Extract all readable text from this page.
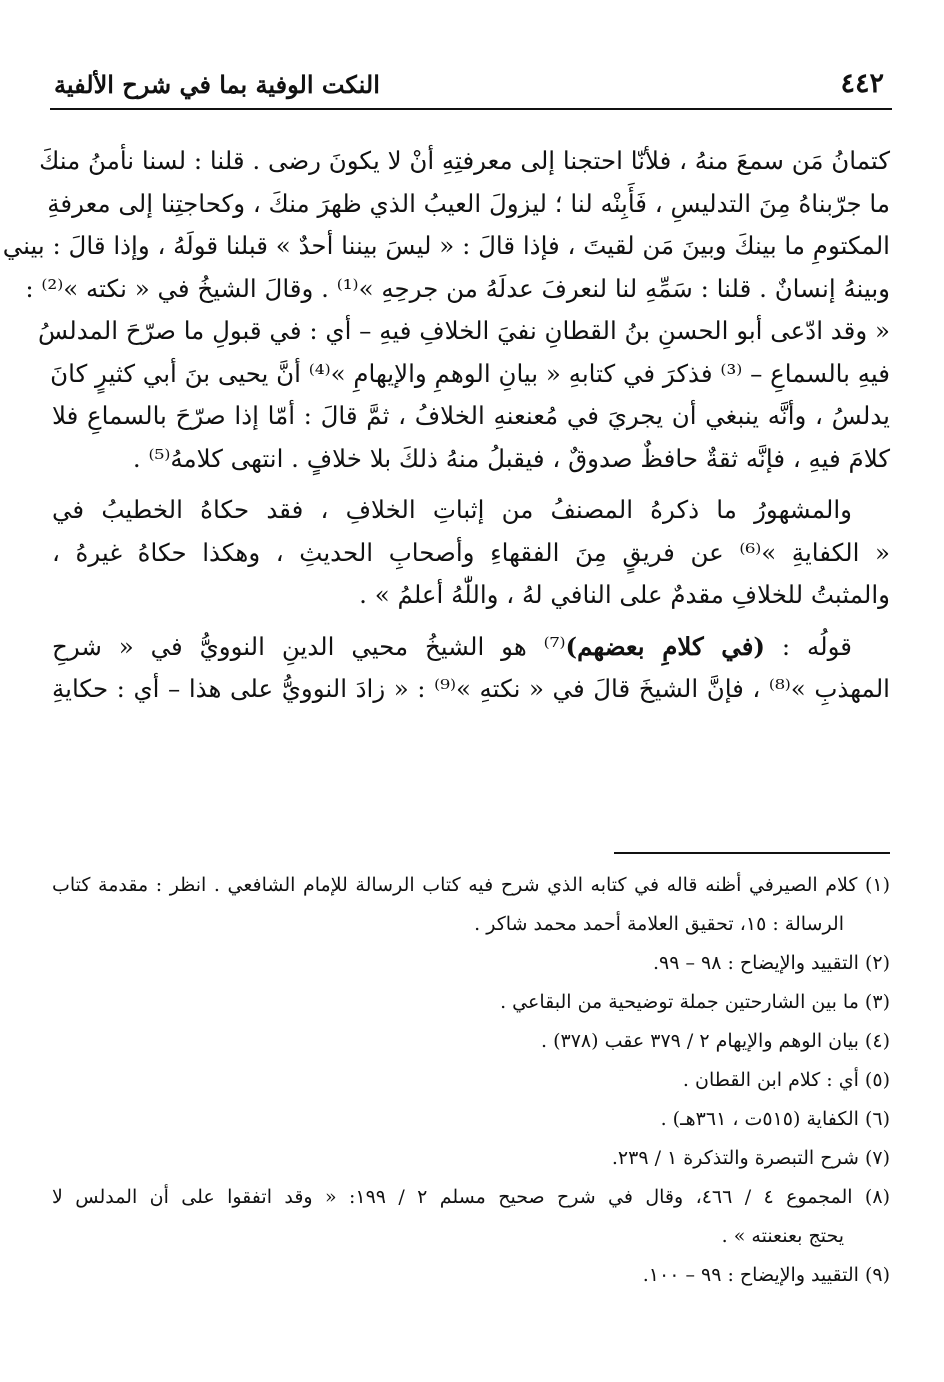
٤٤٢
النكت الوفية بما في شرح الألفية

كتمانُ مَن سمعَ منهُ ، فلأنّا احتجنا إلى معرفتِهِ أنْ لا يكونَ رضى . قلنا : لسنا نأمنُ منكَ
ما جرّبناهُ مِنَ التدليسِ ، فَأَبِنْه لنا ؛ ليزولَ العيبُ الذي ظهرَ منكَ ، وكحاجتِنا إلى معرفةِ
المكتومِ ما بينكَ وبينَ مَن لقيتَ ، فإذا قالَ : « ليسَ بيننا أحدٌ » قبلنا قولَهُ ، وإذا قالَ : بيني
وبينهُ إنسانٌ . قلنا : سَمِّهِ لنا لنعرفَ عدلَهُ من جرحِهِ »⁽¹⁾ . وقالَ الشيخُ في « نكته »⁽²⁾ :
« وقد ادّعى أبو الحسنِ بنُ القطانِ نفيَ الخلافِ فيهِ – أي : في قبولِ ما صرّحَ المدلسُ
فيهِ بالسماعِ – ⁽³⁾ فذكرَ في كتابهِ « بيانِ الوهمِ والإيهامِ »⁽⁴⁾ أنَّ يحيى بنَ أبي كثيرٍ كانَ
يدلسُ ، وأنَّه ينبغي أن يجريَ في مُعنعنهِ الخلافُ ، ثمَّ قالَ : أمّا إذا صرّحَ بالسماعِ فلا
كلامَ فيهِ ، فإنَّه ثقةٌ حافظٌ صدوقٌ ، فيقبلُ منهُ ذلكَ بلا خلافٍ . انتهى كلامهُ⁽⁵⁾ .

والمشهورُ ما ذكرهُ المصنفُ من إثباتِ الخلافِ ، فقد حكاهُ الخطيبُ في
« الكفايةِ »⁽⁶⁾ عن فريقٍ مِنَ الفقهاءِ وأصحابِ الحديثِ ، وهكذا حكاهُ غيرهُ ،
والمثبتُ للخلافِ مقدمٌ على النافي لهُ ، واللّٰهُ أعلمُ » .

قولُه : (في كلامِ بعضهم)⁽⁷⁾ هو الشيخُ محيي الدينِ النوويُّ في « شرحِ
المهذبِ »⁽⁸⁾ ، فإنَّ الشيخَ قالَ في « نكتهِ »⁽⁹⁾ : « زادَ النوويُّ على هذا – أي : حكايةِ

(١) كلام الصيرفي أظنه قاله في كتابه الذي شرح فيه كتاب الرسالة للإمام الشافعي . انظر : مقدمة كتاب
الرسالة : ١٥، تحقيق العلامة أحمد محمد شاكر .
(٢) التقييد والإيضاح : ٩٨ – ٩٩.
(٣) ما بين الشارحتين جملة توضيحية من البقاعي .
(٤) بيان الوهم والإيهام ٢ / ٣٧٩ عقب (٣٧٨) .
(٥) أي : كلام ابن القطان .
(٦) الكفاية (٥١٥ت ، ٣٦١هـ) .
(٧) شرح التبصرة والتذكرة ١ / ٢٣٩.
(٨) المجموع ٤ / ٤٦٦، وقال في شرح صحيح مسلم ٢ / ١٩٩: « وقد اتفقوا على أن المدلس لا
يحتج بعنعنته » .
(٩) التقييد والإيضاح : ٩٩ – ١٠٠.
